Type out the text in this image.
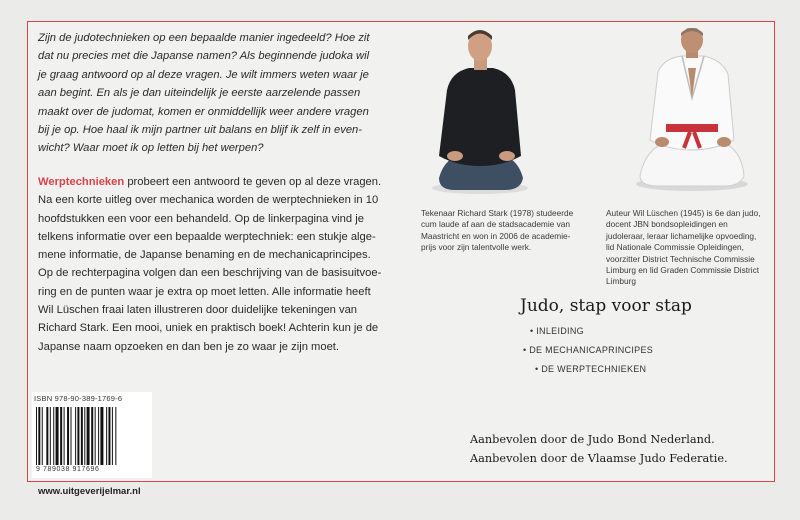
Zijn de judotechnieken op een bepaalde manier ingedeeld? Hoe zit
dat nu precies met die Japanse namen? Als beginnende judoka wil
je graag antwoord op al deze vragen. Je wilt immers weten waar je
aan begint. En als je dan uiteindelijk je eerste aarzelende passen
maakt over de judomat, komen er onmiddellijk weer andere vragen
bij je op. Hoe haal ik mijn partner uit balans en blijf ik zelf in even-
wicht? Waar moet ik op letten bij het werpen?
Werptechnieken probeert een antwoord te geven op al deze vragen.
Na een korte uitleg over mechanica worden de werptechnieken in 10
hoofdstukken een voor een behandeld. Op de linkerpagina vind je
telkens informatie over een bepaalde werptechniek: een stukje alge-
mene informatie, de Japanse benaming en de mechanicaprincipes.
Op de rechterpagina volgen dan een beschrijving van de basisuitvoe-
ring en de punten waar je extra op moet letten. Alle informatie heeft
Wil Lüschen fraai laten illustreren door duidelijke tekeningen van
Richard Stark. Een mooi, uniek en praktisch boek! Achterin kun je de
Japanse naam opzoeken en dan ben je zo waar je zijn moet.
Tekenaar Richard Stark (1978) studeerde
cum laude af aan de stadsacademie van
Maastricht en won in 2006 de academie-
prijs voor zijn talentvolle werk.
Auteur Wil Lüschen (1945) is 6e dan judo,
docent JBN bondsopleidingen en
judoleraar, leraar lichamelijke opvoeding,
lid Nationale Commissie Opleidingen,
voorzitter District Technische Commissie
Limburg en lid Graden Commissie District
Limburg
Judo, stap voor stap
• INLEIDING
• DE MECHANICAPRINCIPES
• DE WERPTECHNIEKEN
Aanbevolen door de Judo Bond Nederland.
Aanbevolen door de Vlaamse Judo Federatie.
ISBN 978-90-389-1769-6
9 789038 917696
www.uitgeverijelmar.nl
